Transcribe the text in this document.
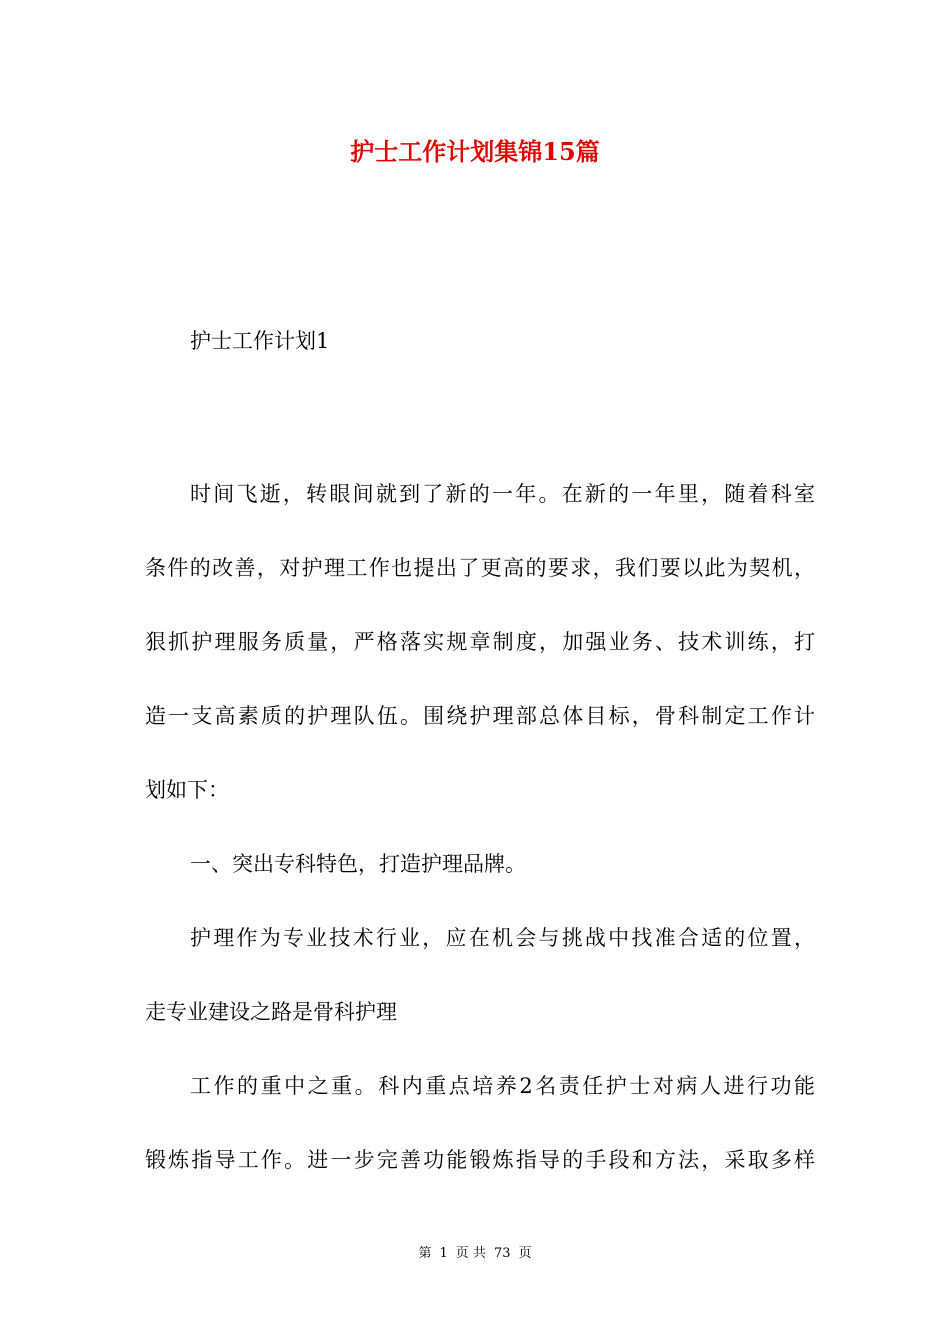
护士工作计划集锦15篇

护士工作计划1

时间飞逝，转眼间就到了新的一年。在新的一年里，随着科室
条件的改善，对护理工作也提出了更高的要求，我们要以此为契机，
狠抓护理服务质量，严格落实规章制度，加强业务、技术训练，打
造一支高素质的护理队伍。围绕护理部总体目标，骨科制定工作计
划如下：
一、突出专科特色，打造护理品牌。
护理作为专业技术行业，应在机会与挑战中找准合适的位置，
走专业建设之路是骨科护理
工作的重中之重。科内重点培养2名责任护士对病人进行功能
锻炼指导工作。进一步完善功能锻炼指导的手段和方法，采取多样

第 1 页 共 73 页
